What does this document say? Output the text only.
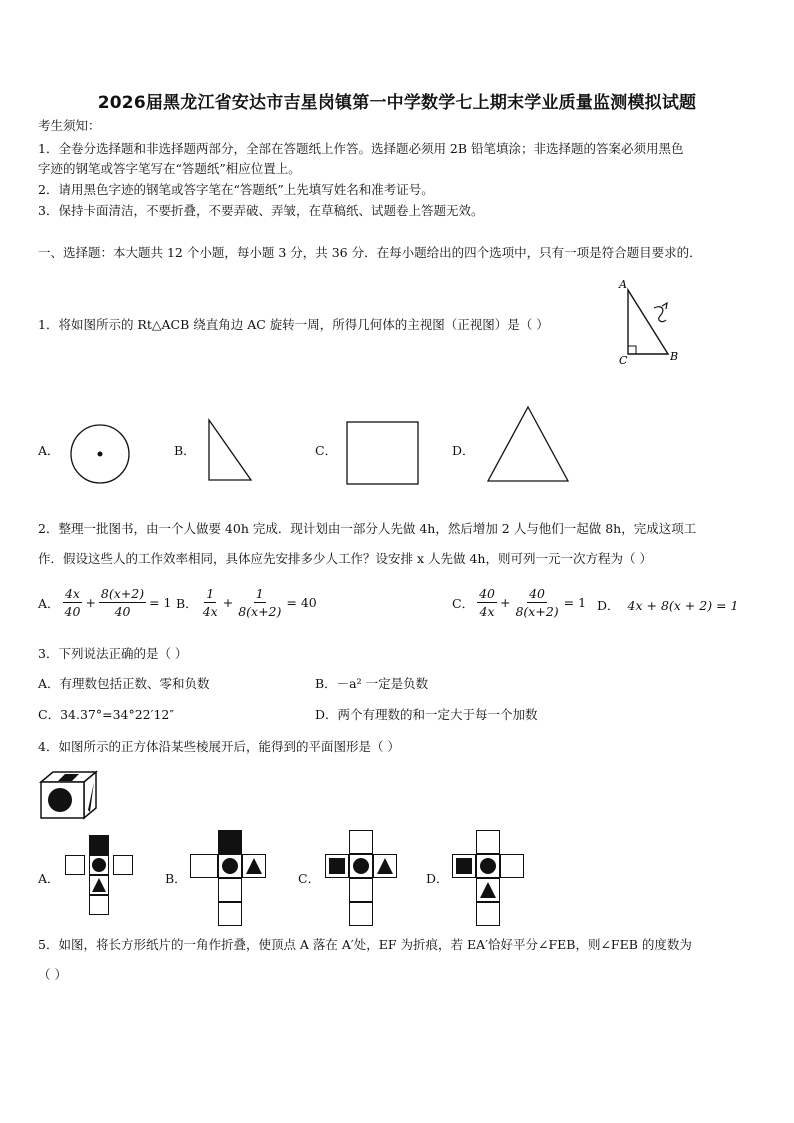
2026届黑龙江省安达市吉星岗镇第一中学数学七上期末学业质量监测模拟试题
考生须知：
1．全卷分选择题和非选择题两部分，全部在答题纸上作答。选择题必须用 2B 铅笔填涂；非选择题的答案必须用黑色
字迹的钢笔或答字笔写在“答题纸”相应位置上。
2．请用黑色字迹的钢笔或答字笔在“答题纸”上先填写姓名和准考证号。
3．保持卡面清洁，不要折叠，不要弄破、弄皱，在草稿纸、试题卷上答题无效。
一、选择题：本大题共 12 个小题，每小题 3 分，共 36 分．在每小题给出的四个选项中，只有一项是符合题目要求的．
1．将如图所示的 Rt△ACB 绕直角边 AC 旋转一周，所得几何体的主视图（正视图）是（ ）
A
C	B
A．	B．	C．	D．
2．整理一批图书，由一个人做要 40h 完成．现计划由一部分人先做 4h，然后增加 2 人与他们一起做 8h，完成这项工
作．假设这些人的工作效率相同，具体应先安排多少人工作？设安排 x 人先做 4h，则可列一元一次方程为（ ）
A． $\frac{4x}{40} + \frac{8(x+2)}{40} = 1$ B． $\frac{1}{4x} + \frac{1}{8(x+2)} = 40$	C． $\frac{40}{4x} + \frac{40}{8(x+2)} = 1$ D． 4x + 8(x + 2) = 1
3．下列说法正确的是（ ）
A．有理数包括正数、零和负数	B．－a² 一定是负数
C．34.37°=34°22′12″	D．两个有理数的和一定大于每一个加数
4．如图所示的正方体沿某些棱展开后，能得到的平面图形是（ ）
A．	B．	C．	D．
5．如图，将长方形纸片的一角作折叠，使顶点 A 落在 A′处，EF 为折痕，若 EA′恰好平分∠FEB，则∠FEB 的度数为
（ ）
